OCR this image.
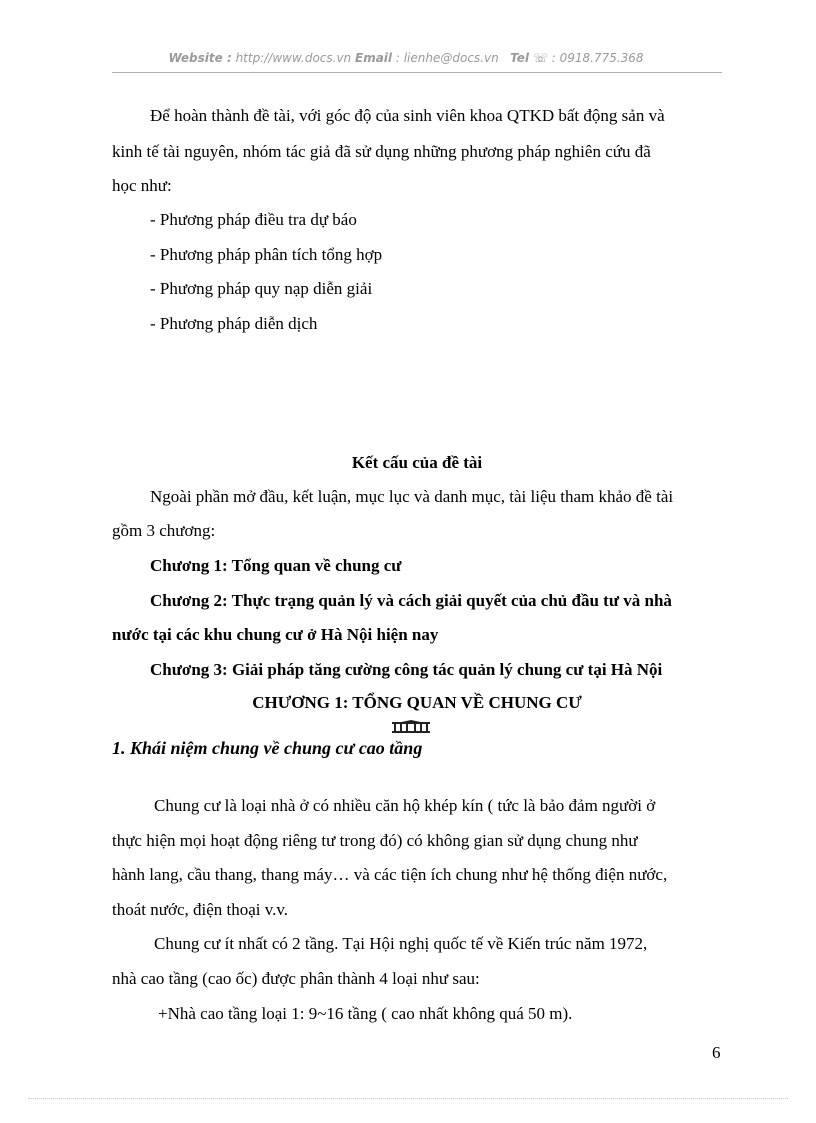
Website : http://www.docs.vn Email : lienhe@docs.vn Tel ☏ : 0918.775.368
Để hoàn thành đề tài, với góc độ của sinh viên khoa QTKD bất động sản và
kinh tế tài nguyên, nhóm tác giả đã sử dụng những phương pháp nghiên cứu đã
học như:
- Phương pháp điều tra dự báo
- Phương pháp phân tích tổng hợp
- Phương pháp quy nạp diễn giải
- Phương pháp diễn dịch
Kết cấu của đề tài
Ngoài phần mở đầu, kết luận, mục lục và danh mục, tài liệu tham khảo đề tài
gồm 3 chương:
Chương 1: Tổng quan về chung cư
Chương 2: Thực trạng quản lý và cách giải quyết của chủ đầu tư và nhà
nước tại các khu chung cư ở Hà Nội hiện nay
Chương 3: Giải pháp tăng cường công tác quản lý chung cư tại Hà Nội
CHƯƠNG 1: TỔNG QUAN VỀ CHUNG CƯ
1. Khái niệm chung về chung cư cao tầng
Chung cư là loại nhà ở có nhiều căn hộ khép kín ( tức là bảo đảm người ở
thực hiện mọi hoạt động riêng tư trong đó) có không gian sử dụng chung như
hành lang, cầu thang, thang máy… và các tiện ích chung như hệ thống điện nước,
thoát nước, điện thoại v.v.
Chung cư ít nhất có 2 tầng. Tại Hội nghị quốc tế về Kiến trúc năm 1972,
nhà cao tầng (cao ốc) được phân thành 4 loại như sau:
+Nhà cao tầng loại 1: 9~16 tầng ( cao nhất không quá 50 m).
6
